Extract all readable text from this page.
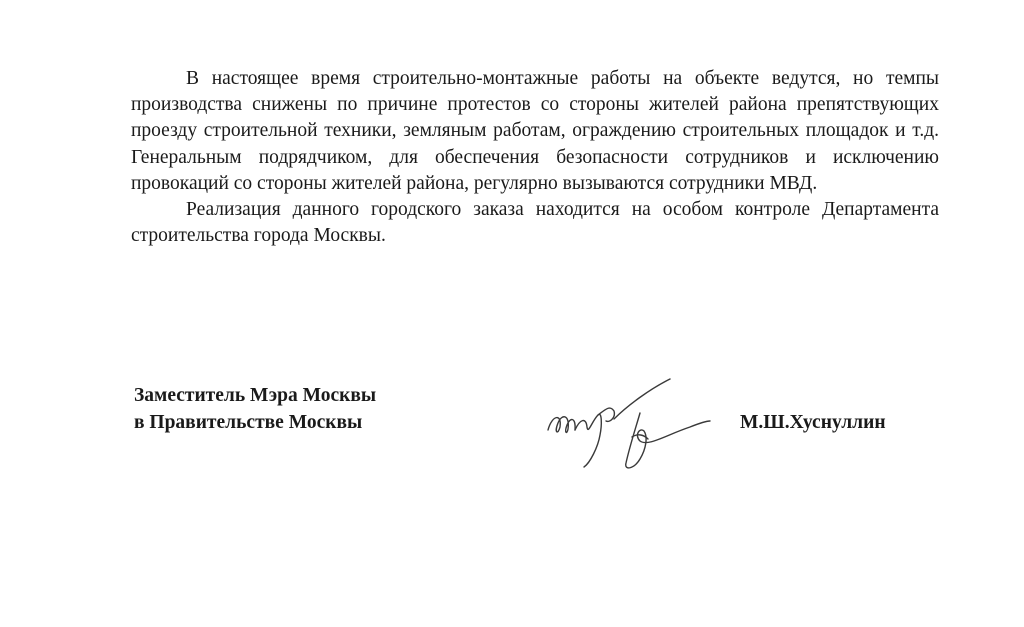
В настоящее время строительно-монтажные работы на объекте ведутся, но темпы производства снижены по причине протестов со стороны жителей района препятствующих проезду строительной техники, земляным работам, ограждению строительных площадок и т.д. Генеральным подрядчиком, для обеспечения безопасности сотрудников и исключению провокаций со стороны жителей района, регулярно вызываются сотрудники МВД.

Реализация данного городского заказа находится на особом контроле Департамента строительства города Москвы.

Заместитель Мэра Москвы
в Правительстве Москвы	М.Ш.Хуснуллин
